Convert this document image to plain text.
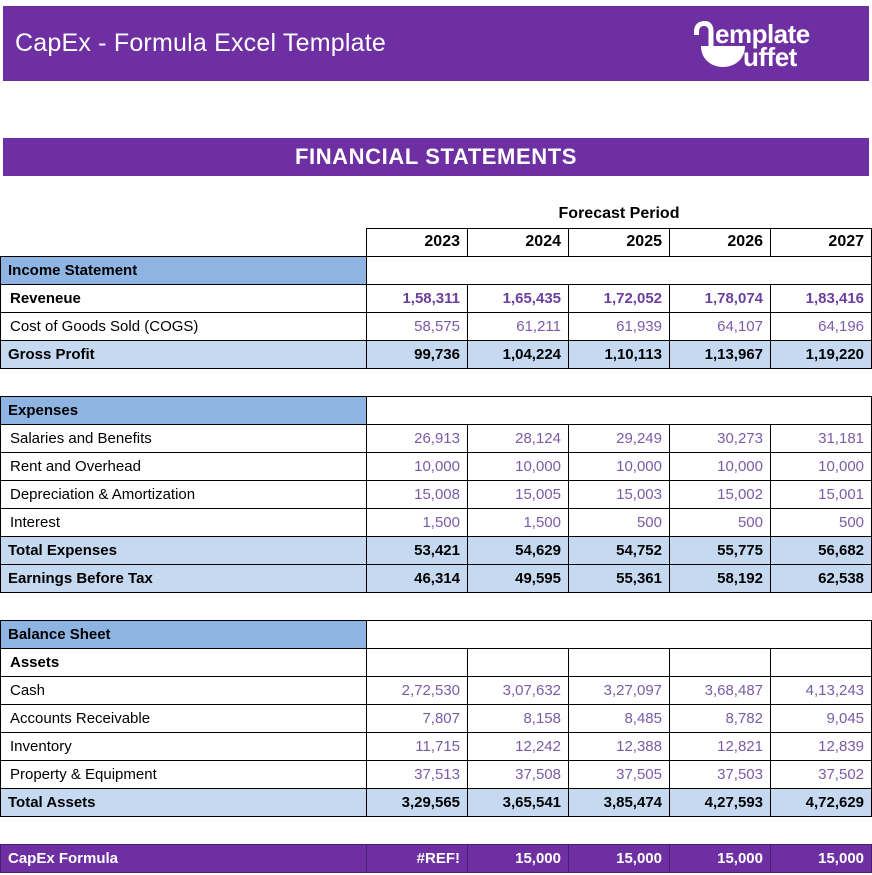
CapEx - Formula Excel Template	emplate
uffet
FINANCIAL STATEMENTS
	Forecast Period				
	2023	2024	2025	2026	2027
Income Statement					
Reveneue	1,58,311	1,65,435	1,72,052	1,78,074	1,83,416
Cost of Goods Sold (COGS)	58,575	61,211	61,939	64,107	64,196
Gross Profit	99,736	1,04,224	1,10,113	1,13,967	1,19,220

Expenses					
Salaries and Benefits	26,913	28,124	29,249	30,273	31,181
Rent and Overhead	10,000	10,000	10,000	10,000	10,000
Depreciation & Amortization	15,008	15,005	15,003	15,002	15,001
Interest	1,500	1,500	500	500	500
Total Expenses	53,421	54,629	54,752	55,775	56,682
Earnings Before Tax	46,314	49,595	55,361	58,192	62,538

Balance Sheet					
Assets					
Cash	2,72,530	3,07,632	3,27,097	3,68,487	4,13,243
Accounts Receivable	7,807	8,158	8,485	8,782	9,045
Inventory	11,715	12,242	12,388	12,821	12,839
Property & Equipment	37,513	37,508	37,505	37,503	37,502
Total Assets	3,29,565	3,65,541	3,85,474	4,27,593	4,72,629

CapEx Formula	#REF!	15,000	15,000	15,000	15,000
